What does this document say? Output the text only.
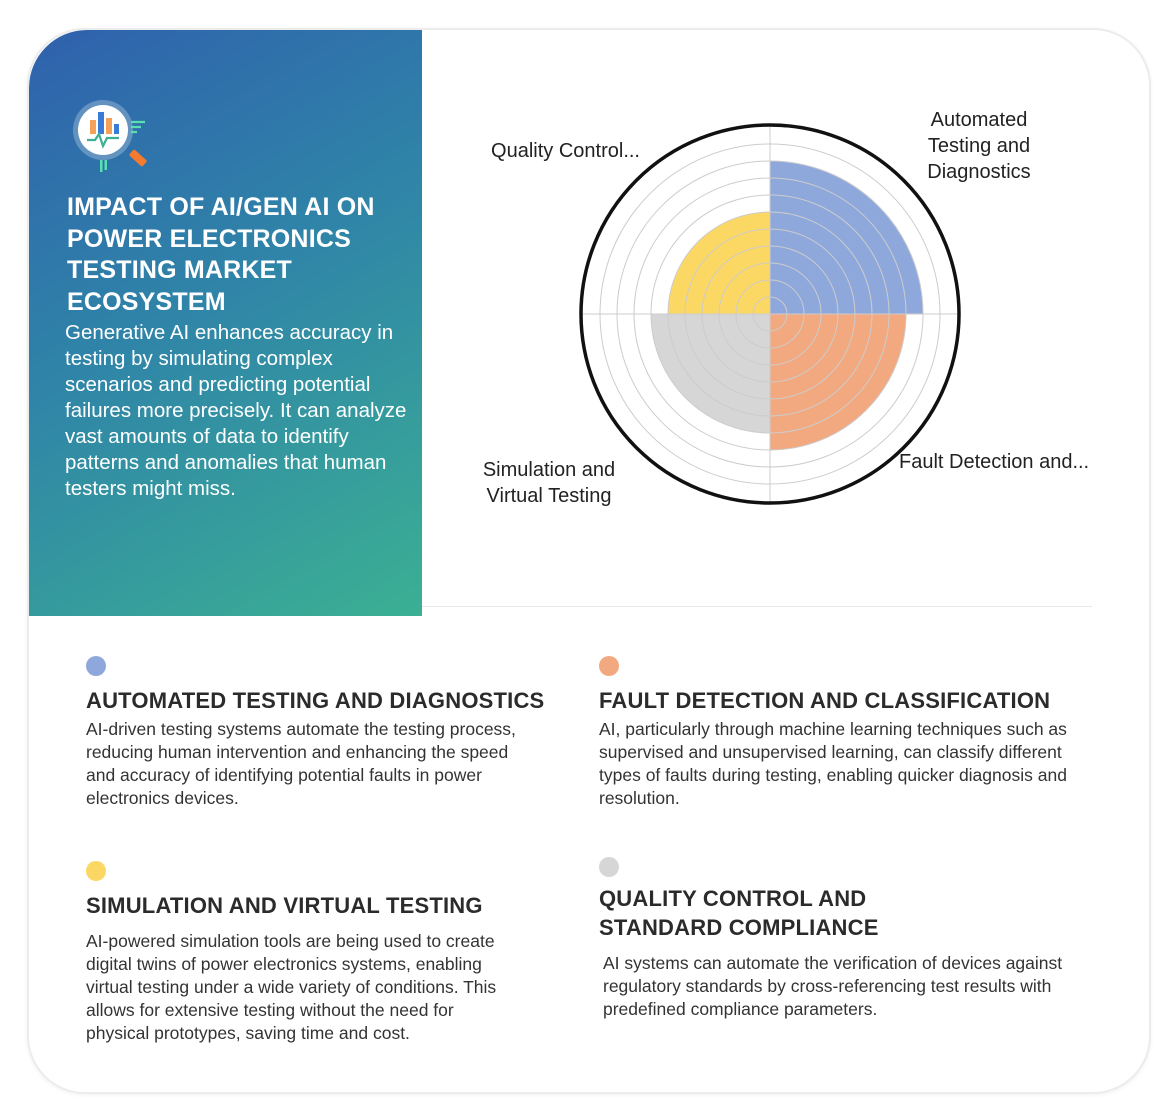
IMPACT OF AI/GEN AI ON POWER ELECTRONICS TESTING MARKET ECOSYSTEM

Generative AI enhances accuracy in testing by simulating complex scenarios and predicting potential failures more precisely. It can analyze vast amounts of data to identify patterns and anomalies that human testers might miss.

Automated Testing and Diagnostics
Fault Detection and...
Simulation and Virtual Testing
Quality Control...
AUTOMATED TESTING AND DIAGNOSTICS

AI-driven testing systems automate the testing process, reducing human intervention and enhancing the speed and accuracy of identifying potential faults in power electronics devices.

FAULT DETECTION AND CLASSIFICATION

AI, particularly through machine learning techniques such as supervised and unsupervised learning, can classify different types of faults during testing, enabling quicker diagnosis and resolution.

SIMULATION AND VIRTUAL TESTING

AI-powered simulation tools are being used to create digital twins of power electronics systems, enabling virtual testing under a wide variety of conditions. This allows for extensive testing without the need for physical prototypes, saving time and cost.

QUALITY CONTROL AND STANDARD COMPLIANCE

AI systems can automate the verification of devices against regulatory standards by cross-referencing test results with predefined compliance parameters.
